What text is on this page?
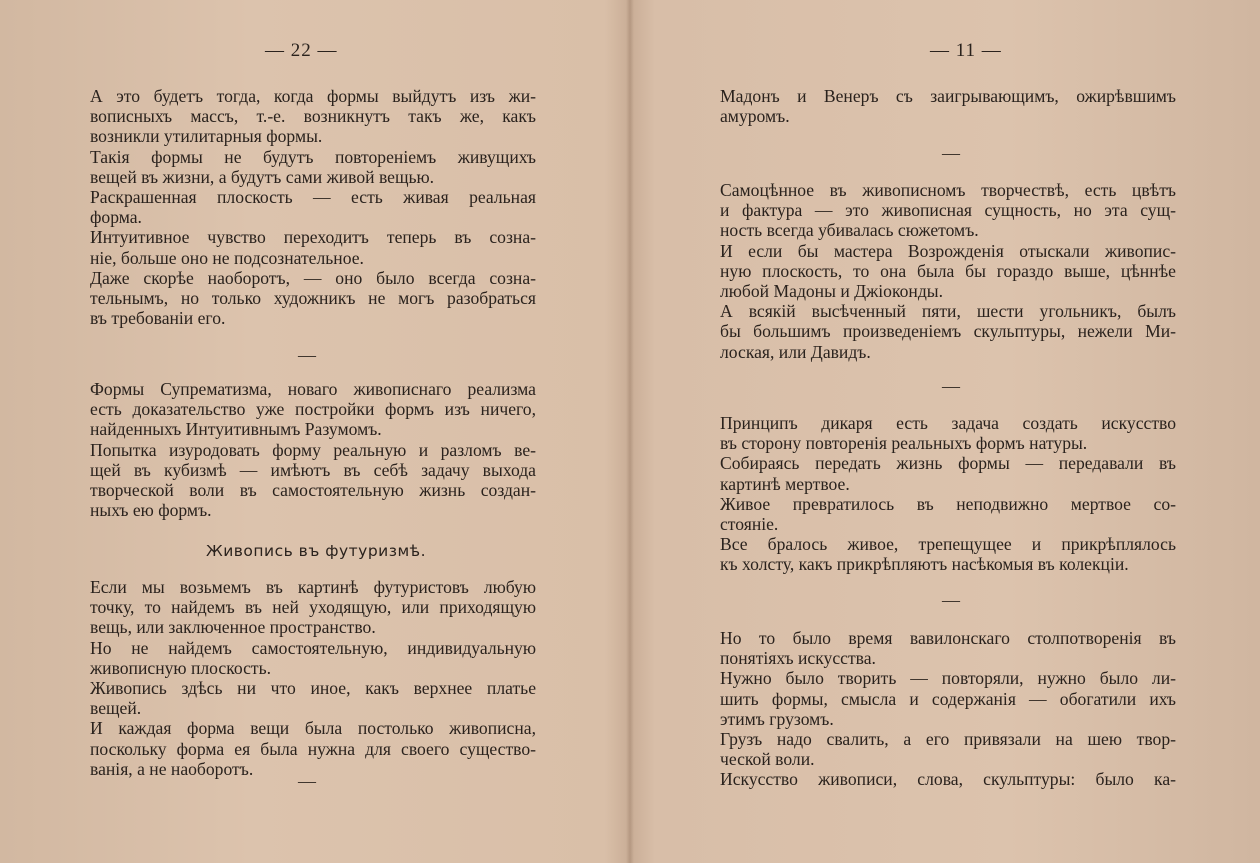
— 22 —
А это будетъ тогда, когда формы выйдутъ изъ жи-
вописныхъ массъ, т.-е. возникнутъ такъ же, какъ
возникли утилитарныя формы.
Такія формы не будутъ повтореніемъ живущихъ
вещей въ жизни, а будутъ сами живой вещью.
Раскрашенная плоскость — есть живая реальная
форма.
Интуитивное чувство переходитъ теперь въ созна-
ніе, больше оно не подсознательное.
Даже скорѣе наоборотъ, — оно было всегда созна-
тельнымъ, но только художникъ не могъ разобраться
въ требованіи его.
—
Формы Супрематизма, новаго живописнаго реализма
есть доказательство уже постройки формъ изъ ничего,
найденныхъ Интуитивнымъ Разумомъ.
Попытка изуродовать форму реальную и разломъ ве-
щей въ кубизмѣ — имѣютъ въ себѣ задачу выхода
творческой воли въ самостоятельную жизнь создан-
ныхъ ею формъ.
Живопись въ футуризмѣ.
Если мы возьмемъ въ картинѣ футуристовъ любую
точку, то найдемъ въ ней уходящую, или приходящую
вещь, или заключенное пространство.
Но не найдемъ самостоятельную, индивидуальную
живописную плоскость.
Живопись здѣсь ни что иное, какъ верхнее платье
вещей.
И каждая форма вещи была постолько живописна,
поскольку форма ея была нужна для своего существо-
ванія, а не наоборотъ.
—
— 11 —
Мадонъ и Венеръ съ заигрывающимъ, ожирѣвшимъ
амуромъ.
—
Самоцѣнное въ живописномъ творчествѣ, есть цвѣтъ
и фактура — это живописная сущность, но эта сущ-
ность всегда убивалась сюжетомъ.
И если бы мастера Возрожденія отыскали живопис-
ную плоскость, то она была бы гораздо выше, цѣннѣе
любой Мадоны и Джіоконды.
А всякій высѣченный пяти, шести угольникъ, былъ
бы большимъ произведеніемъ скульптуры, нежели Ми-
лоская, или Давидъ.
—
Принципъ дикаря есть задача создать искусство
въ сторону повторенія реальныхъ формъ натуры.
Собираясь передать жизнь формы — передавали въ
картинѣ мертвое.
Живое превратилось въ неподвижно мертвое со-
стояніе.
Все бралось живое, трепещущее и прикрѣплялось
къ холсту, какъ прикрѣпляютъ насѣкомыя въ колекціи.
—
Но то было время вавилонскаго столпотворенія въ
понятіяхъ искусства.
Нужно было творить — повторяли, нужно было ли-
шить формы, смысла и содержанія — обогатили ихъ
этимъ грузомъ.
Грузъ надо свалить, а его привязали на шею твор-
ческой воли.
Искусство живописи, слова, скульптуры: было ка-
